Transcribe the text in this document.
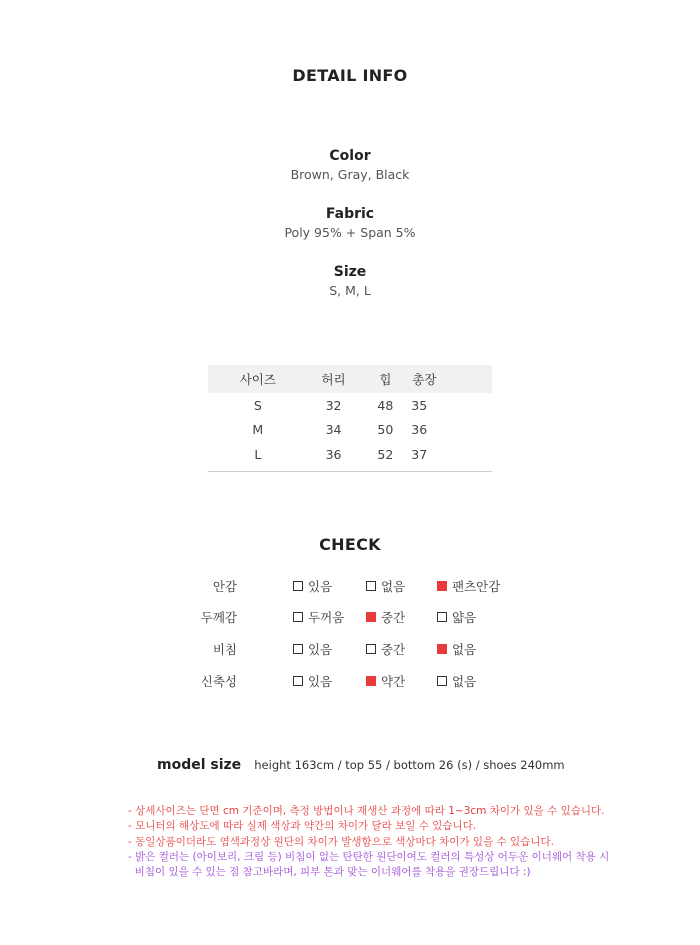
DETAIL INFO
Color
Brown, Gray, Black
Fabric
Poly 95% + Span 5%
Size
S, M, L
사이즈	허리	힙	총장
S	32	48	35
M	34	50	36
L	36	52	37
CHECK
안감	있음	없음	팬츠안감
두께감	두꺼움	중간	얇음
비침	있음	중간	없음
신축성	있음	약간	없음
model size height 163cm / top 55 / bottom 26 (s) / shoes 240mm
- 상세사이즈는 단면 cm 기준이며, 측정 방법이나 재생산 과정에 따라 1~3cm 차이가 있을 수 있습니다.
- 모니터의 해상도에 따라 실제 색상과 약간의 차이가 달라 보일 수 있습니다.
- 동일상품이더라도 염색과정상 원단의 차이가 발생함으로 색상마다 차이가 있을 수 있습니다.
- 밝은 컬러는 (아이보리, 크림 등) 비침이 없는 탄탄한 원단이여도 컬러의 특성상 어두운 이너웨어 착용 시
비침이 있을 수 있는 점 참고바라며, 피부 톤과 맞는 이너웨어를 착용을 권장드립니다 :)
